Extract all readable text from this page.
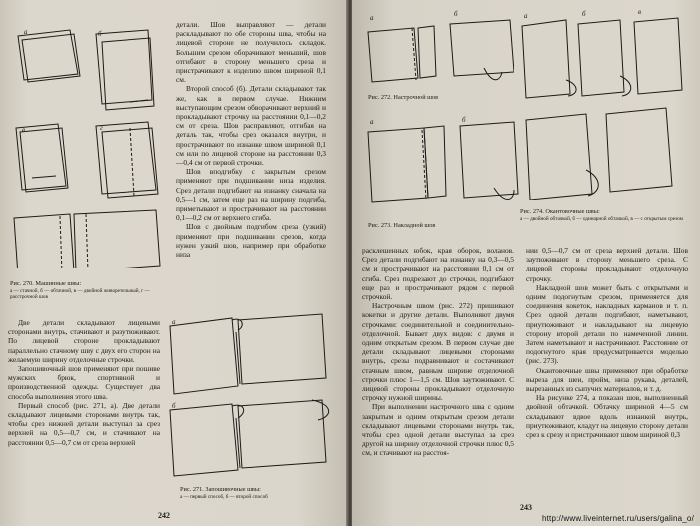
а	б
в	г
Рис. 270. Машинные швы:
а — стачной, б — обтачной, в — двойной живоретельный, г — расстрочной шов

детали. Шов выправляют — детали раскладывают по обе стороны шва, чтобы на лицевой стороне не получилось складок. Большим срезом оборачивают меньший, шов отгибают в сторону меньшего среза и пристрачивают к изделию швом шириной 0,1 см.

Второй способ (б). Детали складывают так же, как в первом случае. Нижним выступающим срезом обворачивают верхний и прокладывают строчку на расстоянии 0,1—0,2 см от среза. Шов расправляют, отгибая на деталь так, чтобы срез оказался внутри, и прострачивают по изнанке швом шириной 0,1 см или по лицевой стороне на расстоянии 0,3—0,4 см от первой строчки.

Шов вподгибку с закрытым срезом применяют при подшивании низа изделия. Срез детали подгибают на изнанку сначала на 0,5—1 см, затем еще раз на ширину подгиба, приметывают и прострачивают на расстоянии 0,1—0,2 см от верхнего сгиба.

Шов с двойным подгибом среза (узкий) применяют при подшивании срезов, когда нужен узкий шов, например при обработке низа

Две детали складывают лицевыми сторонами внутрь, стачивают и разутюживают. По лицевой стороне прокладывают параллельно стачному шву с двух его сторон на желаемую ширину отделочные строчки.

Запошивочный шов применяют при пошиве мужских брюк, спортивной и производственной одежды. Существует два способа выполнения этого шва.

Первый способ (рис. 271, а). Две детали складывают лицевыми сторонами внутрь так, чтобы срез нижней детали выступал за срез верхней на 0,5—0,7 см, и стачивают на расстоянии 0,5—0,7 см от среза верхней

а
б
Рис. 271. Запошивочные швы:
а — первый способ, б — второй способ
242
а	б
Рис. 272. Настрочной шов
а	б
Рис. 273. Накладной шов
а	б	в
Рис. 274. Окантовочные швы:
а — двойной обтачкой, б — одинарной обтачкой, в — с открытым срезом

расклешенных юбок, края оборок, воланов. Срез детали подгибают на изнанку на 0,3—0,5 см и прострачивают на расстоянии 0,1 см от сгиба. Срез подрезают до строчки, подгибают еще раз и прострачивают рядом с первой строчкой.

Настрочным швом (рис. 272) пришивают кокетки и другие детали. Выполняют двумя строчками: соединительной и соединительно-отделочной. Бывает двух видов: с двумя и одним открытым срезом. В первом случае две детали складывают лицевыми сторонами внутрь, срезы подравнивают и состачивают стачным швом, равным ширине отделочной строчки плюс 1—1,5 см. Шов заутюживают. С лицевой стороны прокладывают отделочную строчку нужной ширины.

При выполнении настрочного шва с одним закрытым и одним открытым срезом детали складывают лицевыми сторонами внутрь так, чтобы срез одной детали выступал за срез другой на ширину отделочной строчки плюс 0,5 см, и стачивают на расстоя-

нии 0,5—0,7 см от среза верхней детали. Шов заутюживают в сторону меньшего среза. С лицевой стороны прокладывают отделочную строчку.

Накладной шов может быть с открытыми и одним подогнутым срезом, применяется для соединения кокеток, накладных карманов и т. п. Срез одной детали подгибают, наметывают, приутюживают и накладывают на лицевую сторону второй детали по намеченной линии. Затем наметывают и настрачивают. Расстояние от подогнутого края предусматривается моделью (рис. 273).

Окантовочные швы применяют при обработке выреза для шеи, пройм, низа рукава, деталей, вырезанных из сыпучих материалов, и т. д.

На рисунке 274, а показан шов, выполненный двойной обтачкой. Обтачку шириной 4—5 см складывают вдвое вдоль изнанкой внутрь, приутюживают, кладут на лицевую сторону детали срез к срезу и пристрачивают швом шириной 0,3

243
http://www.liveinternet.ru/users/galina_o/
